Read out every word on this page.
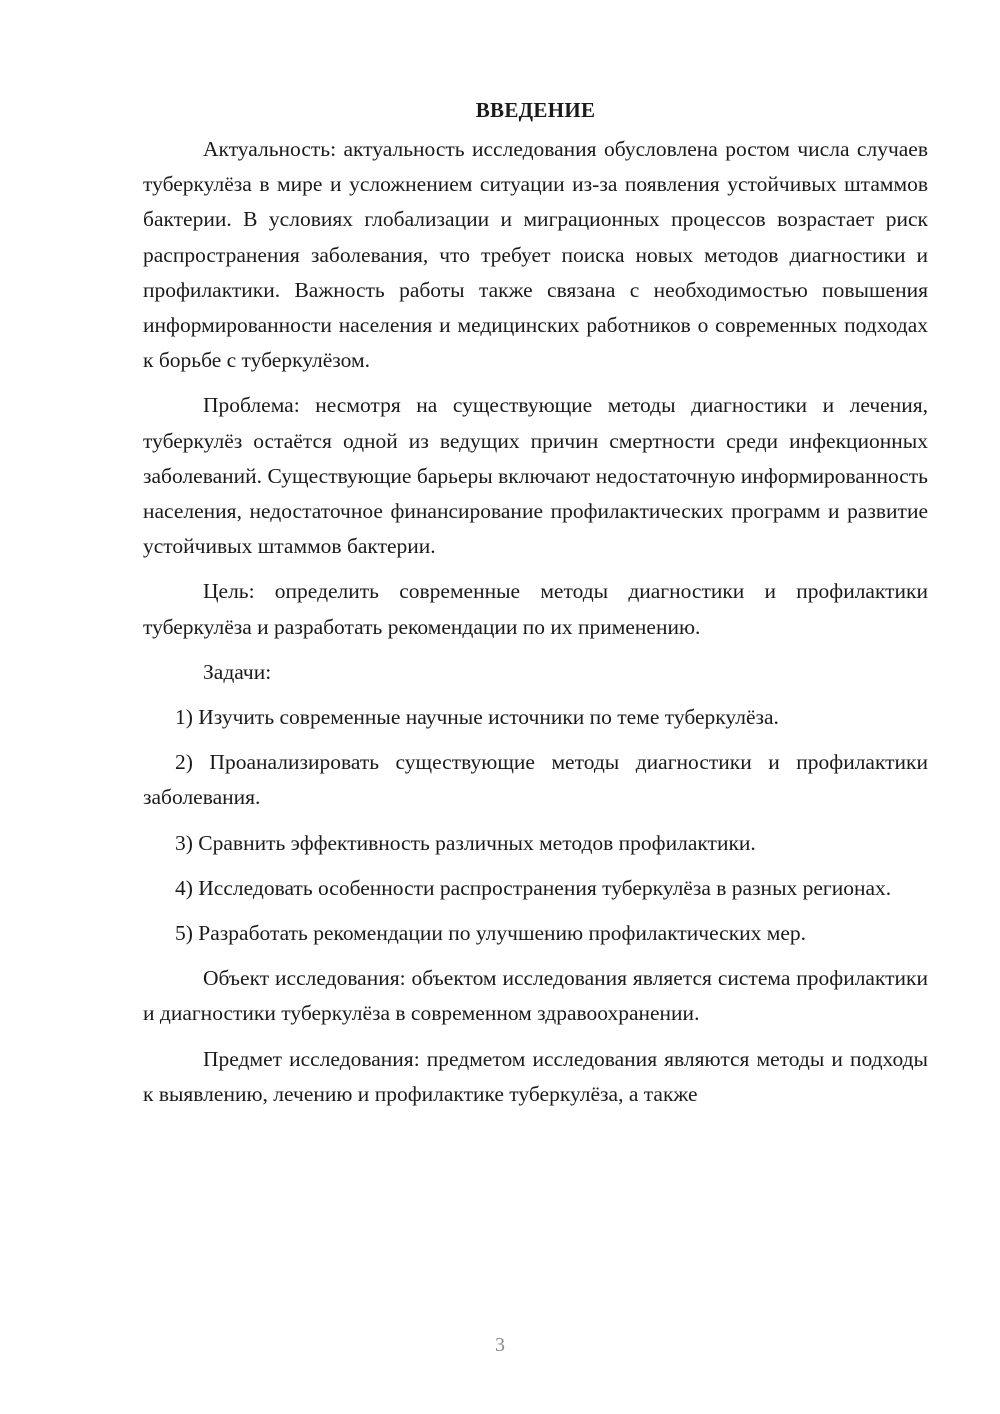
ВВЕДЕНИЕ

Актуальность: актуальность исследования обусловлена ростом числа случаев туберкулёза в мире и усложнением ситуации из-за появления устойчивых штаммов бактерии. В условиях глобализации и миграционных процессов возрастает риск распространения заболевания, что требует поиска новых методов диагностики и профилактики. Важность работы также связана с необходимостью повышения информированности населения и медицинских работников о современных подходах к борьбе с туберкулёзом.

Проблема: несмотря на существующие методы диагностики и лечения, туберкулёз остаётся одной из ведущих причин смертности среди инфекционных заболеваний. Существующие барьеры включают недостаточную информированность населения, недостаточное финансирование профилактических программ и развитие устойчивых штаммов бактерии.

Цель: определить современные методы диагностики и профилактики туберкулёза и разработать рекомендации по их применению.

Задачи:

1) Изучить современные научные источники по теме туберкулёза.

2) Проанализировать существующие методы диагностики и профилактики заболевания.

3) Сравнить эффективность различных методов профилактики.

4) Исследовать особенности распространения туберкулёза в разных регионах.

5) Разработать рекомендации по улучшению профилактических мер.

Объект исследования: объектом исследования является система профилактики и диагностики туберкулёза в современном здравоохранении.

Предмет исследования: предметом исследования являются методы и подходы к выявлению, лечению и профилактике туберкулёза, а также

3
